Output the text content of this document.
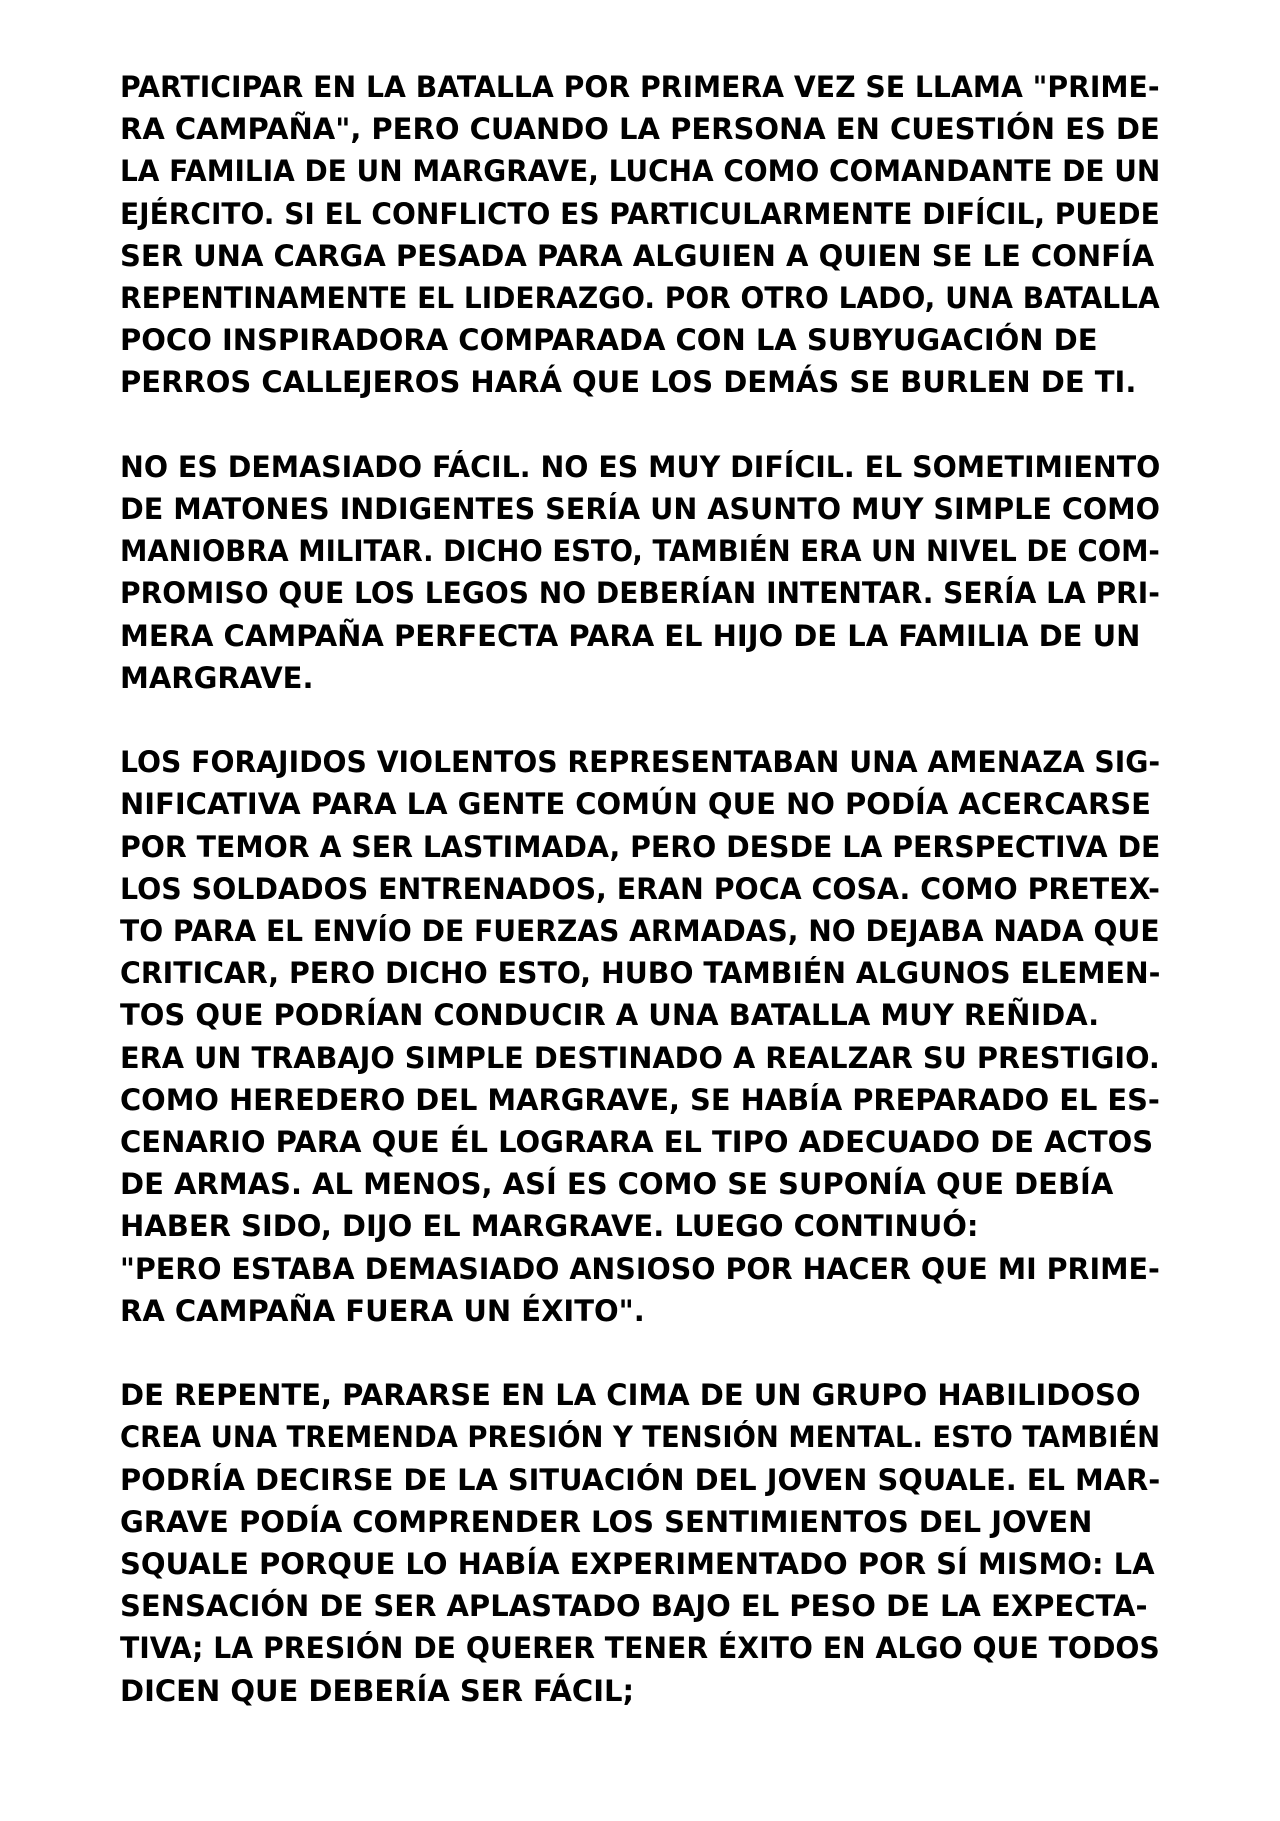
PARTICIPAR EN LA BATALLA POR PRIMERA VEZ SE LLAMA "PRIME-
RA CAMPAÑA", PERO CUANDO LA PERSONA EN CUESTIÓN ES DE
LA FAMILIA DE UN MARGRAVE, LUCHA COMO COMANDANTE DE UN
EJÉRCITO. SI EL CONFLICTO ES PARTICULARMENTE DIFÍCIL, PUEDE
SER UNA CARGA PESADA PARA ALGUIEN A QUIEN SE LE CONFÍA
REPENTINAMENTE EL LIDERAZGO. POR OTRO LADO, UNA BATALLA
POCO INSPIRADORA COMPARADA CON LA SUBYUGACIÓN DE
PERROS CALLEJEROS HARÁ QUE LOS DEMÁS SE BURLEN DE TI.
NO ES DEMASIADO FÁCIL. NO ES MUY DIFÍCIL. EL SOMETIMIENTO
DE MATONES INDIGENTES SERÍA UN ASUNTO MUY SIMPLE COMO
MANIOBRA MILITAR. DICHO ESTO, TAMBIÉN ERA UN NIVEL DE COM-
PROMISO QUE LOS LEGOS NO DEBERÍAN INTENTAR. SERÍA LA PRI-
MERA CAMPAÑA PERFECTA PARA EL HIJO DE LA FAMILIA DE UN
MARGRAVE.
LOS FORAJIDOS VIOLENTOS REPRESENTABAN UNA AMENAZA SIG-
NIFICATIVA PARA LA GENTE COMÚN QUE NO PODÍA ACERCARSE
POR TEMOR A SER LASTIMADA, PERO DESDE LA PERSPECTIVA DE
LOS SOLDADOS ENTRENADOS, ERAN POCA COSA. COMO PRETEX-
TO PARA EL ENVÍO DE FUERZAS ARMADAS, NO DEJABA NADA QUE
CRITICAR, PERO DICHO ESTO, HUBO TAMBIÉN ALGUNOS ELEMEN-
TOS QUE PODRÍAN CONDUCIR A UNA BATALLA MUY REÑIDA.
ERA UN TRABAJO SIMPLE DESTINADO A REALZAR SU PRESTIGIO.
COMO HEREDERO DEL MARGRAVE, SE HABÍA PREPARADO EL ES-
CENARIO PARA QUE ÉL LOGRARA EL TIPO ADECUADO DE ACTOS
DE ARMAS. AL MENOS, ASÍ ES COMO SE SUPONÍA QUE DEBÍA
HABER SIDO, DIJO EL MARGRAVE. LUEGO CONTINUÓ:
"PERO ESTABA DEMASIADO ANSIOSO POR HACER QUE MI PRIME-
RA CAMPAÑA FUERA UN ÉXITO".
DE REPENTE, PARARSE EN LA CIMA DE UN GRUPO HABILIDOSO
CREA UNA TREMENDA PRESIÓN Y TENSIÓN MENTAL. ESTO TAMBIÉN
PODRÍA DECIRSE DE LA SITUACIÓN DEL JOVEN SQUALE. EL MAR-
GRAVE PODÍA COMPRENDER LOS SENTIMIENTOS DEL JOVEN
SQUALE PORQUE LO HABÍA EXPERIMENTADO POR SÍ MISMO: LA
SENSACIÓN DE SER APLASTADO BAJO EL PESO DE LA EXPECTA-
TIVA; LA PRESIÓN DE QUERER TENER ÉXITO EN ALGO QUE TODOS
DICEN QUE DEBERÍA SER FÁCIL;
